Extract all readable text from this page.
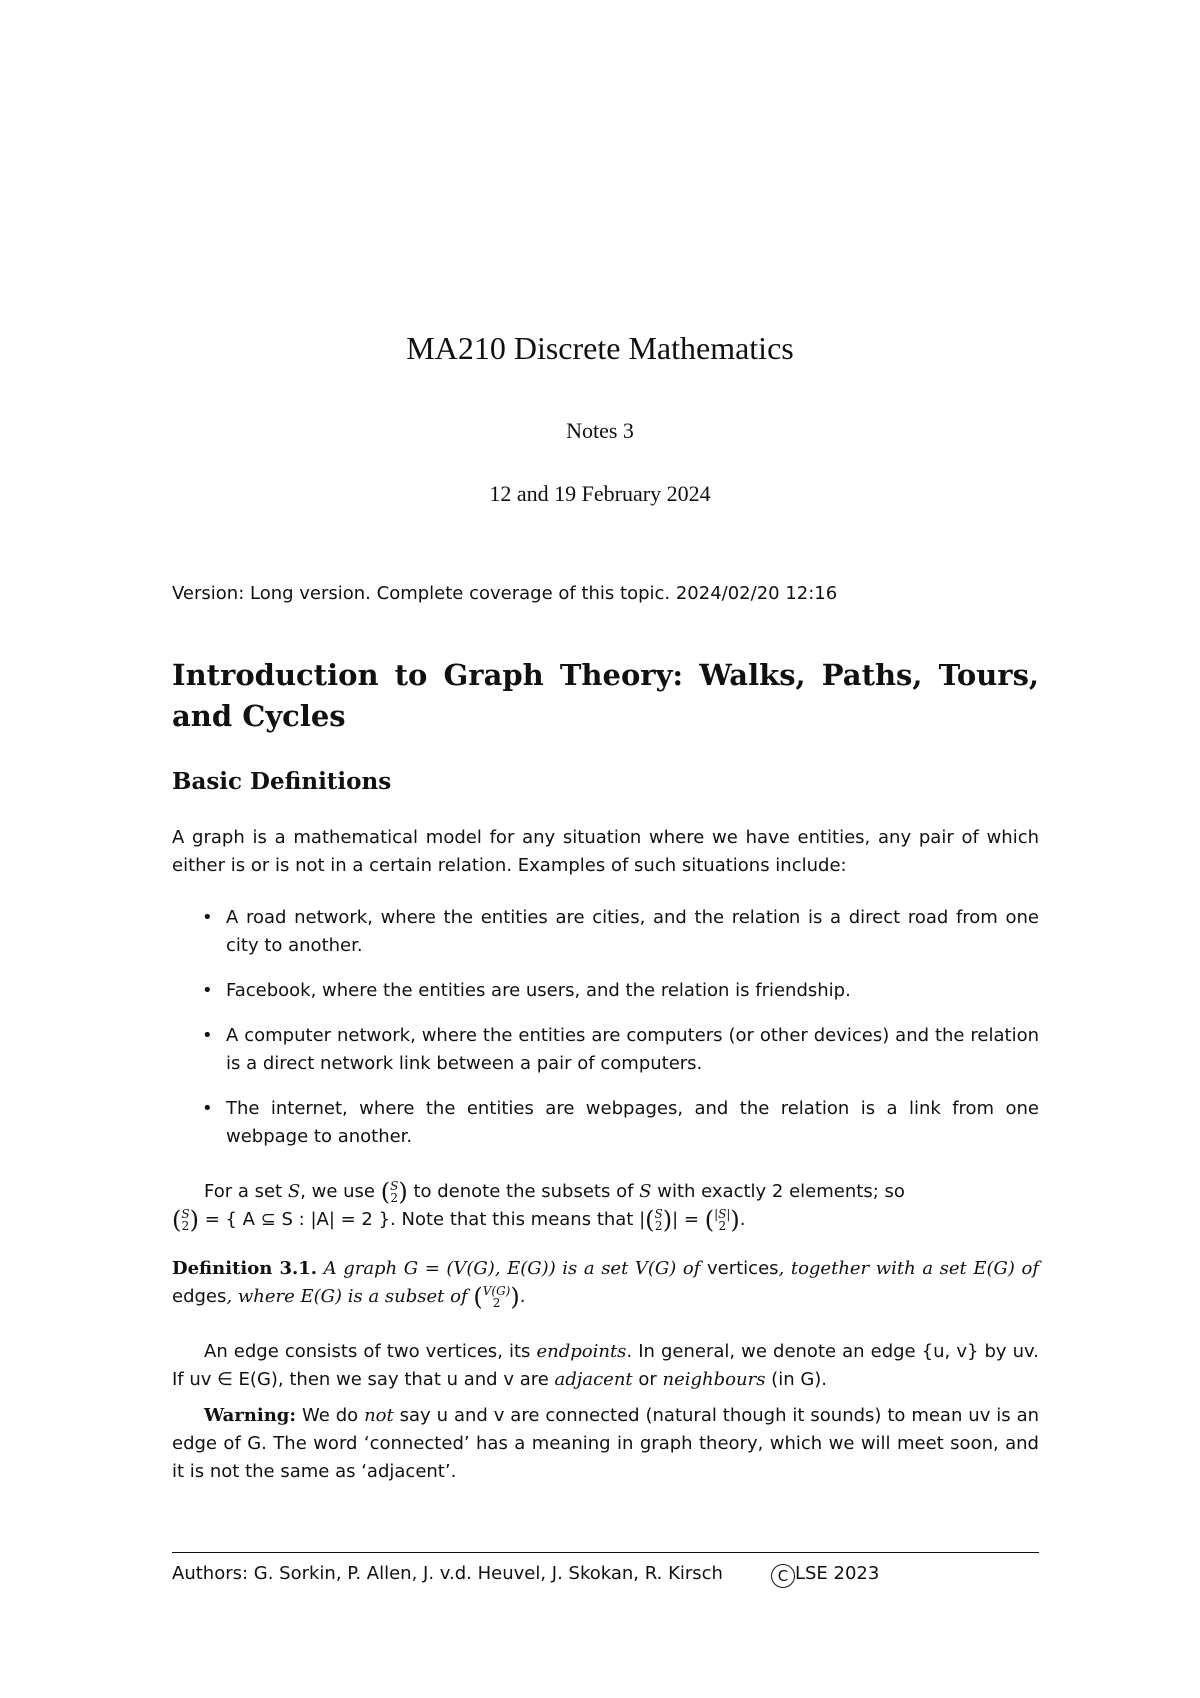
MA210 Discrete Mathematics
Notes 3
12 and 19 February 2024
Version: Long version. Complete coverage of this topic. 2024/02/20 12:16
Introduction to Graph Theory: Walks, Paths, Tours, and Cycles
Basic Definitions
A graph is a mathematical model for any situation where we have entities, any pair of which either is or is not in a certain relation. Examples of such situations include:
• A road network, where the entities are cities, and the relation is a direct road from one city to another.
• Facebook, where the entities are users, and the relation is friendship.
• A computer network, where the entities are computers (or other devices) and the relation is a direct network link between a pair of computers.
• The internet, where the entities are webpages, and the relation is a link from one webpage to another.
For a set S, we use ( S
2 ) to denote the subsets of S with exactly 2 elements; so

( S
2 ) = { A ⊆ S : |A| = 2 }. Note that this means that | ( S
2 ) | = ( |S|
2 ) .
Definition 3.1. A graph G = (V(G), E(G)) is a set V(G) of vertices, together with a set E(G) of edges, where E(G) is a subset of ( V(G)
2 ) .
An edge consists of two vertices, its endpoints. In general, we denote an edge {u, v} by uv. If uv ∈ E(G), then we say that u and v are adjacent or neighbours (in G).
Warning: We do not say u and v are connected (natural though it sounds) to mean uv is an edge of G. The word ‘connected’ has a meaning in graph theory, which we will meet soon, and it is not the same as ‘adjacent’.
Authors: G. Sorkin, P. Allen, J. v.d. Heuvel, J. Skokan, R. Kirsch	C LSE 2023
